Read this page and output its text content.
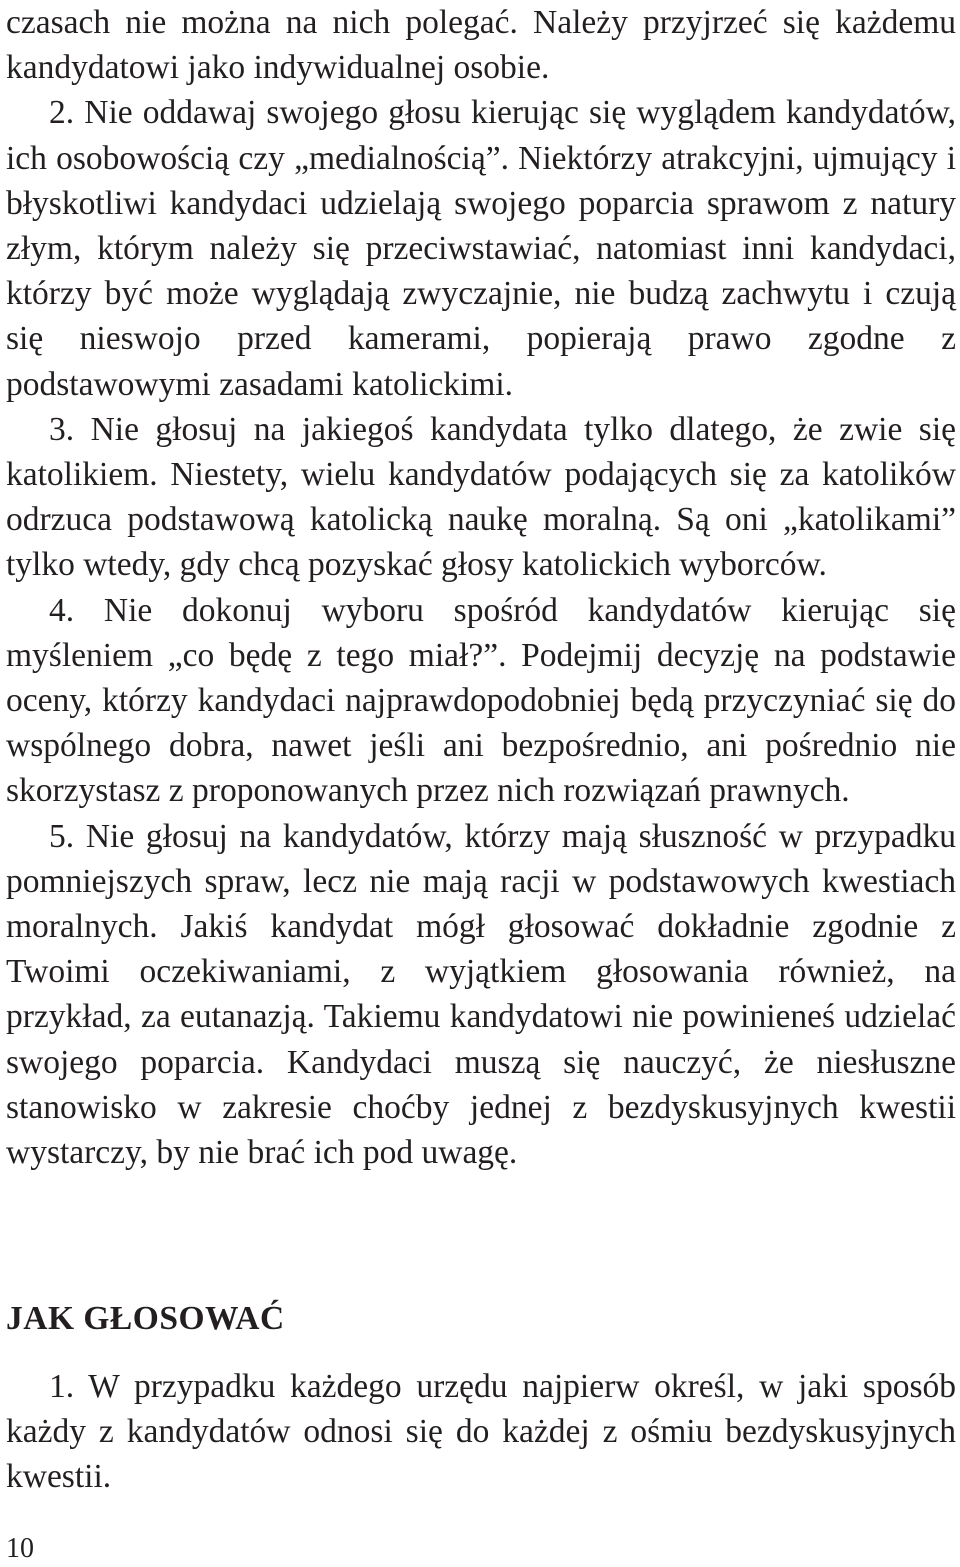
czasach nie można na nich polegać. Należy przyjrzeć się każdemu kandydatowi jako indywidualnej osobie.

2. Nie oddawaj swojego głosu kierując się wyglądem kandydatów, ich osobowością czy „medialnością”. Niektórzy atrakcyjni, ujmujący i błyskotliwi kandydaci udzielają swojego poparcia sprawom z natury złym, którym należy się przeciwstawiać, natomiast inni kandydaci, którzy być może wyglądają zwyczajnie, nie budzą zachwytu i czują się nieswojo przed kamerami, popierają prawo zgodne z podstawowymi zasadami katolickimi.

3. Nie głosuj na jakiegoś kandydata tylko dlatego, że zwie się katolikiem. Niestety, wielu kandydatów podających się za katolików odrzuca podstawową katolicką naukę moralną. Są oni „katolikami” tylko wtedy, gdy chcą pozyskać głosy katolickich wyborców.

4. Nie dokonuj wyboru spośród kandydatów kierując się myśleniem „co będę z tego miał?”. Podejmij decyzję na podstawie oceny, którzy kandydaci najprawdopodobniej będą przyczyniać się do wspólnego dobra, nawet jeśli ani bezpośrednio, ani pośrednio nie skorzystasz z proponowanych przez nich rozwiązań prawnych.

5. Nie głosuj na kandydatów, którzy mają słuszność w przypadku pomniejszych spraw, lecz nie mają racji w podstawowych kwestiach moralnych. Jakiś kandydat mógł głosować dokładnie zgodnie z Twoimi oczekiwaniami, z wyjątkiem głosowania również, na przykład, za eutanazją. Takiemu kandydatowi nie powinieneś udzielać swojego poparcia. Kandydaci muszą się nauczyć, że niesłuszne stanowisko w zakresie choćby jednej z bezdyskusyjnych kwestii wystarczy, by nie brać ich pod uwagę.

JAK GŁOSOWAĆ

1. W przypadku każdego urzędu najpierw określ, w jaki sposób każdy z kandydatów odnosi się do każdej z ośmiu bezdyskusyjnych kwestii.

10
